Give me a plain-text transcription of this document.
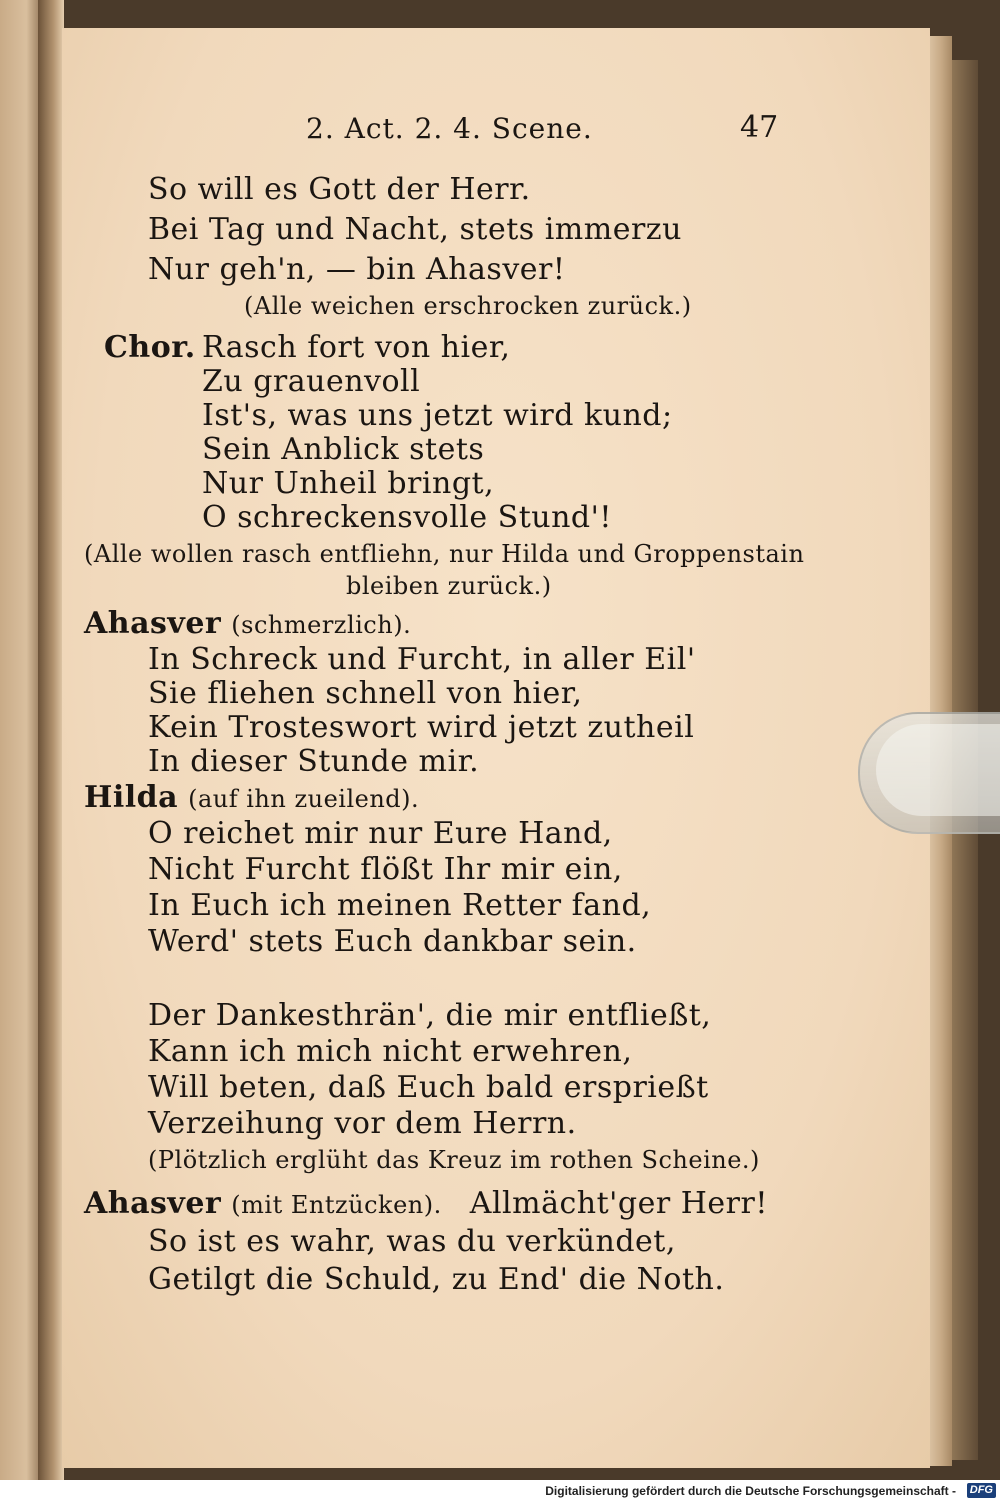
2. Act. 2. 4. Scene.	47
So will es Gott der Herr.
Bei Tag und Nacht, stets immerzu
Nur geh'n, — bin Ahasver!
(Alle weichen erschrocken zurück.)
Chor. Rasch fort von hier,
Zu grauenvoll
Ist's, was uns jetzt wird kund;
Sein Anblick stets
Nur Unheil bringt,
O schreckensvolle Stund'!
(Alle wollen rasch entfliehn, nur Hilda und Groppenstain
bleiben zurück.)
Ahasver (schmerzlich).
In Schreck und Furcht, in aller Eil'
Sie fliehen schnell von hier,
Kein Trosteswort wird jetzt zutheil
In dieser Stunde mir.
Hilda (auf ihn zueilend).
O reichet mir nur Eure Hand,
Nicht Furcht flößt Ihr mir ein,
In Euch ich meinen Retter fand,
Werd' stets Euch dankbar sein.
Der Dankesthrän', die mir entfließt,
Kann ich mich nicht erwehren,
Will beten, daß Euch bald ersprießt
Verzeihung vor dem Herrn.
(Plötzlich erglüht das Kreuz im rothen Scheine.)
Ahasver (mit Entzücken). Allmächt'ger Herr!
So ist es wahr, was du verkündet,
Getilgt die Schuld, zu End' die Noth.
Digitalisierung gefördert durch die Deutsche Forschungsgemeinschaft - DFG
